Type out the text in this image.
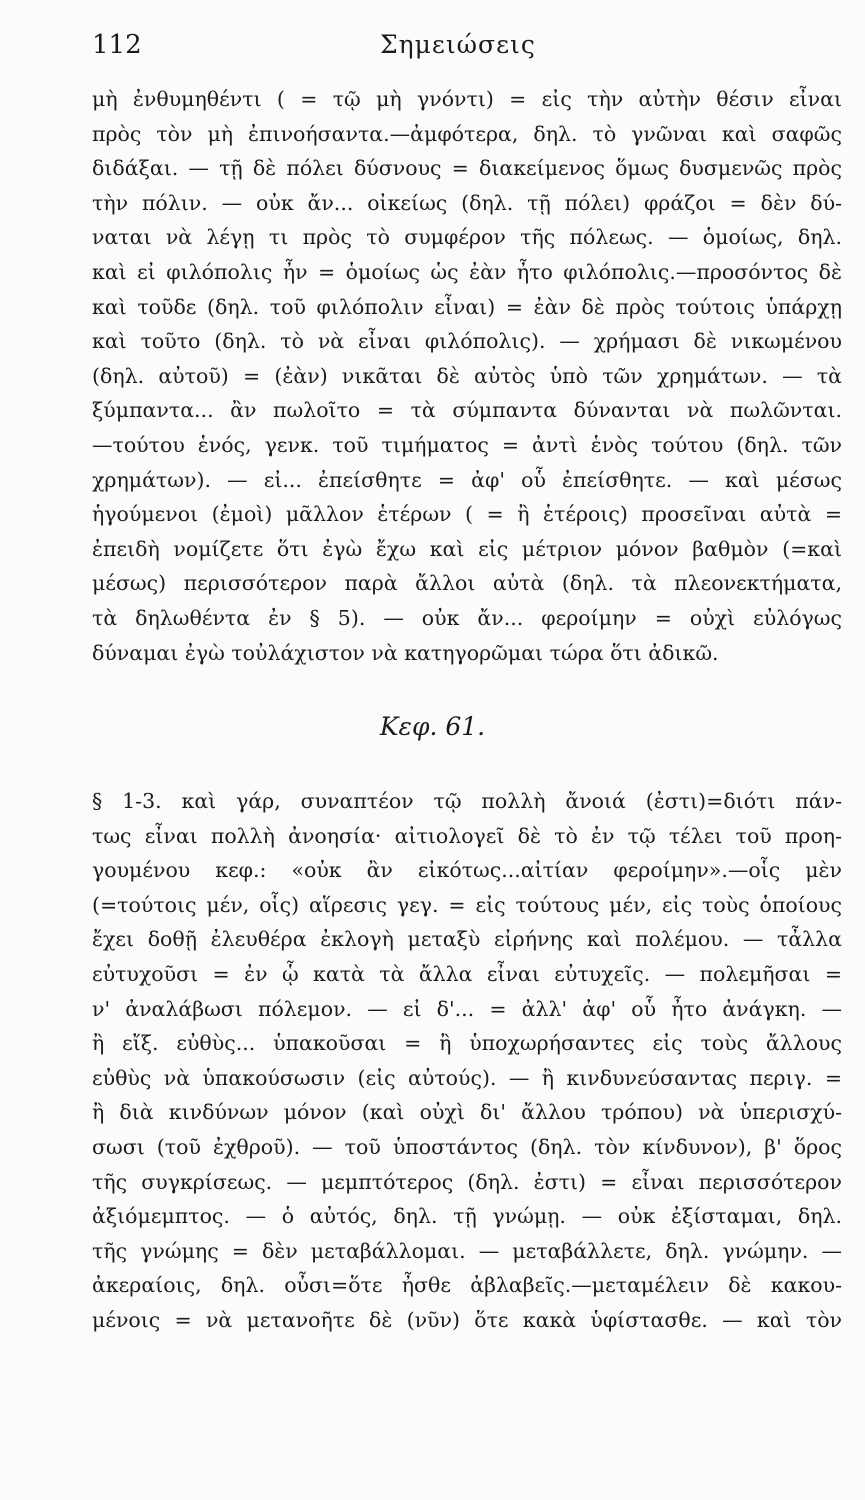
112	Σημειώσεις
μὴ ἐνθυμηθέντι ( = τῷ μὴ γνόντι) = εἰς τὴν αὐτὴν θέσιν εἶναι
πρὸς τὸν μὴ ἐπινοήσαντα.—ἀμφότερα, δηλ. τὸ γνῶναι καὶ σαφῶς
διδάξαι. — τῇ δὲ πόλει δύσνους = διακείμενος ὅμως δυσμενῶς πρὸς
τὴν πόλιν. — οὐκ ἄν... οἰκείως (δηλ. τῇ πόλει) φράζοι = δὲν δύ-
ναται νὰ λέγῃ τι πρὸς τὸ συμφέρον τῆς πόλεως. — ὁμοίως, δηλ.
καὶ εἰ φιλόπολις ἦν = ὁμοίως ὡς ἐὰν ἦτο φιλόπολις.—προσόντος δὲ
καὶ τοῦδε (δηλ. τοῦ φιλόπολιν εἶναι) = ἐὰν δὲ πρὸς τούτοις ὑπάρχῃ
καὶ τοῦτο (δηλ. τὸ νὰ εἶναι φιλόπολις). — χρήμασι δὲ νικωμένου
(δηλ. αὐτοῦ) = (ἐὰν) νικᾶται δὲ αὐτὸς ὑπὸ τῶν χρημάτων. — τὰ
ξύμπαντα... ἂν πωλοῖτο = τὰ σύμπαντα δύνανται νὰ πωλῶνται.
—τούτου ἑνός, γενκ. τοῦ τιμήματος = ἀντὶ ἑνὸς τούτου (δηλ. τῶν
χρημάτων). — εἰ... ἐπείσθητε = ἀφ' οὗ ἐπείσθητε. — καὶ μέσως
ἡγούμενοι (ἐμοὶ) μᾶλλον ἑτέρων ( = ἢ ἑτέροις) προσεῖναι αὐτὰ =
ἐπειδὴ νομίζετε ὅτι ἐγὼ ἔχω καὶ εἰς μέτριον μόνον βαθμὸν (=καὶ
μέσως) περισσότερον παρὰ ἄλλοι αὐτὰ (δηλ. τὰ πλεονεκτήματα,
τὰ δηλωθέντα ἐν § 5). — οὐκ ἄν... φεροίμην = οὐχὶ εὐλόγως
δύναμαι ἐγὼ τοὐλάχιστον νὰ κατηγορῶμαι τώρα ὅτι ἀδικῶ.
Κεφ. 61.
§ 1-3. καὶ γάρ, συναπτέον τῷ πολλὴ ἄνοιά (ἐστι)=διότι πάν-
τως εἶναι πολλὴ ἀνοησία· αἰτιολογεῖ δὲ τὸ ἐν τῷ τέλει τοῦ προη-
γουμένου κεφ.: «οὐκ ἂν εἰκότως...αἰτίαν φεροίμην».—οἷς μὲν
(=τούτοις μέν, οἷς) αἵρεσις γεγ. = εἰς τούτους μέν, εἰς τοὺς ὁποίους
ἔχει δοθῇ ἐλευθέρα ἐκλογὴ μεταξὺ εἰρήνης καὶ πολέμου. — τἆλλα
εὐτυχοῦσι = ἐν ᾧ κατὰ τὰ ἄλλα εἶναι εὐτυχεῖς. — πολεμῆσαι =
ν' ἀναλάβωσι πόλεμον. — εἰ δ'... = ἀλλ' ἀφ' οὗ ἦτο ἀνάγκη. —
ἢ εἴξ. εὐθὺς... ὑπακοῦσαι = ἢ ὑποχωρήσαντες εἰς τοὺς ἄλλους
εὐθὺς νὰ ὑπακούσωσιν (εἰς αὐτούς). — ἢ κινδυνεύσαντας περιγ. =
ἢ διὰ κινδύνων μόνον (καὶ οὐχὶ δι' ἄλλου τρόπου) νὰ ὑπερισχύ-
σωσι (τοῦ ἐχθροῦ). — τοῦ ὑποστάντος (δηλ. τὸν κίνδυνον), β' ὅρος
τῆς συγκρίσεως. — μεμπτότερος (δηλ. ἐστι) = εἶναι περισσότερον
ἀξιόμεμπτος. — ὁ αὐτός, δηλ. τῇ γνώμῃ. — οὐκ ἐξίσταμαι, δηλ.
τῆς γνώμης = δὲν μεταβάλλομαι. — μεταβάλλετε, δηλ. γνώμην. —
ἀκεραίοις, δηλ. οὖσι=ὅτε ἦσθε ἀβλαβεῖς.—μεταμέλειν δὲ κακου-
μένοις = νὰ μετανοῆτε δὲ (νῦν) ὅτε κακὰ ὑφίστασθε. — καὶ τὸν
